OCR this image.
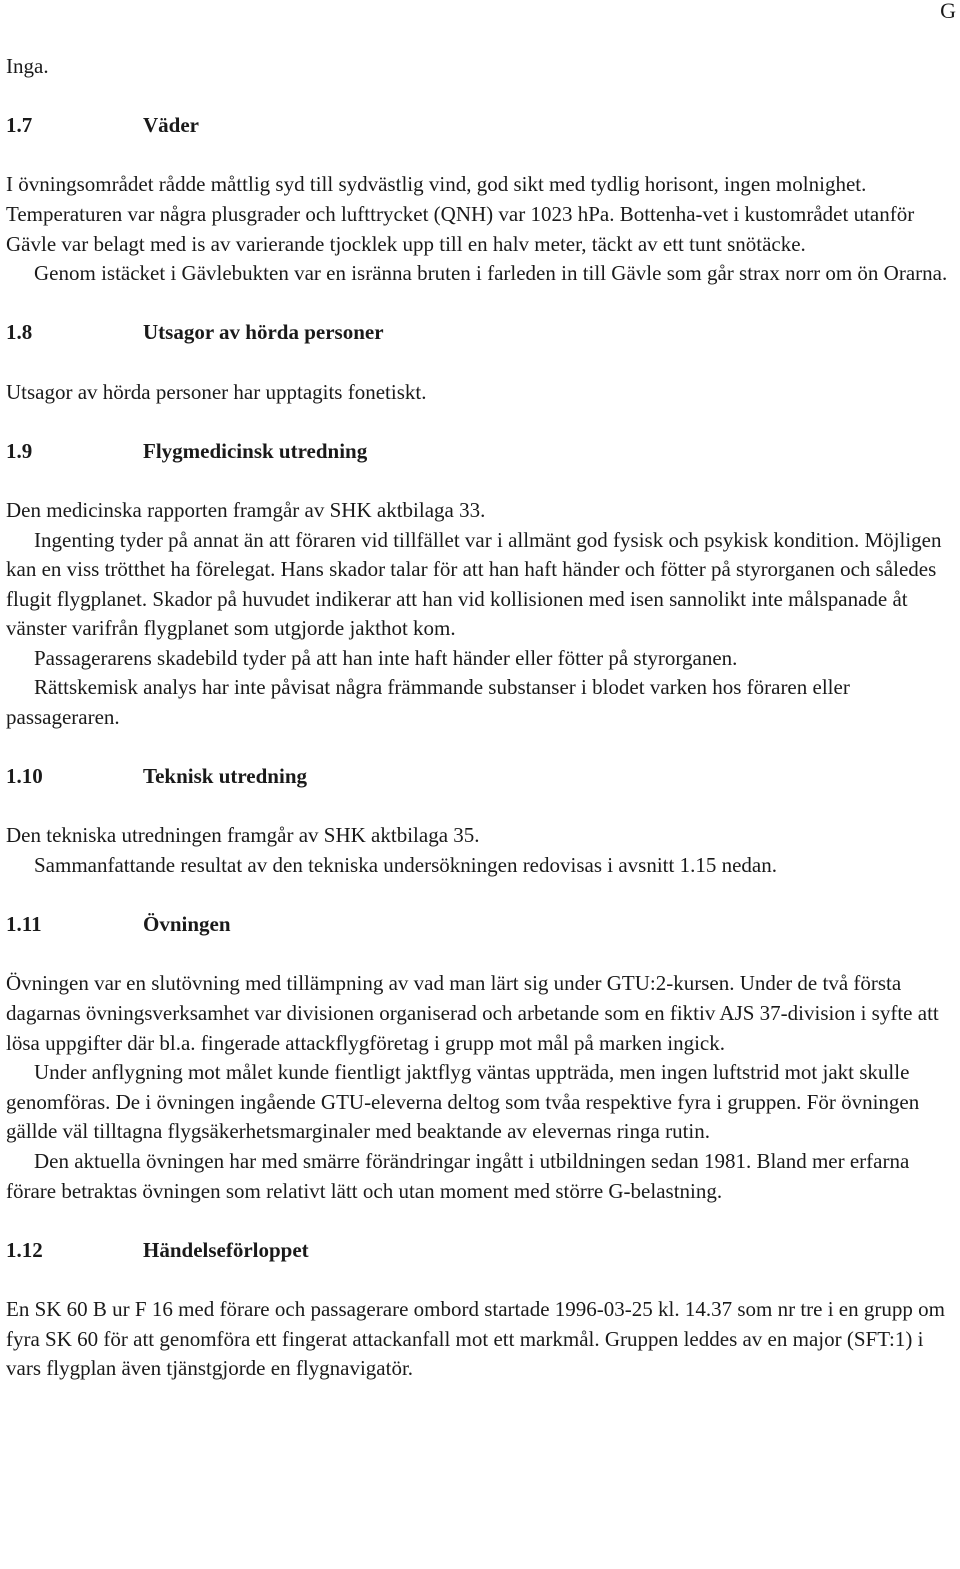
G

Inga.

1.7	Väder

I övningsområdet rådde måttlig syd till sydvästlig vind, god sikt med tydlig horisont, ingen molnighet. Temperaturen var några plusgrader och lufttrycket (QNH) var 1023 hPa. Bottenha-vet i kustområdet utanför Gävle var belagt med is av varierande tjocklek upp till en halv meter, täckt av ett tunt snötäcke.

Genom istäcket i Gävlebukten var en isränna bruten i farleden in till Gävle som går strax norr om ön Orarna.

1.8	Utsagor av hörda personer

Utsagor av hörda personer har upptagits fonetiskt.

1.9	Flygmedicinsk utredning

Den medicinska rapporten framgår av SHK aktbilaga 33.

Ingenting tyder på annat än att föraren vid tillfället var i allmänt god fysisk och psykisk kondition. Möjligen kan en viss trötthet ha förelegat. Hans skador talar för att han haft händer och fötter på styrorganen och således flugit flygplanet. Skador på huvudet indikerar att han vid kollisionen med isen sannolikt inte målspanade åt vänster varifrån flygplanet som utgjorde jakthot kom.

Passagerarens skadebild tyder på att han inte haft händer eller fötter på styrorganen.

Rättskemisk analys har inte påvisat några främmande substanser i blodet varken hos föraren eller passageraren.

1.10	Teknisk utredning

Den tekniska utredningen framgår av SHK aktbilaga 35.

Sammanfattande resultat av den tekniska undersökningen redovisas i avsnitt 1.15 nedan.

1.11	Övningen

Övningen var en slutövning med tillämpning av vad man lärt sig under GTU:2-kursen. Under de två första dagarnas övningsverksamhet var divisionen organiserad och arbetande som en fiktiv AJS 37-division i syfte att lösa uppgifter där bl.a. fingerade attackflygföretag i grupp mot mål på marken ingick.

Under anflygning mot målet kunde fientligt jaktflyg väntas uppträda, men ingen luftstrid mot jakt skulle genomföras. De i övningen ingående GTU-eleverna deltog som tvåa respektive fyra i gruppen. För övningen gällde väl tilltagna flygsäkerhetsmarginaler med beaktande av elevernas ringa rutin.

Den aktuella övningen har med smärre förändringar ingått i utbildningen sedan 1981. Bland mer erfarna förare betraktas övningen som relativt lätt och utan moment med större G-belastning.

1.12	Händelseförloppet

En SK 60 B ur F 16 med förare och passagerare ombord startade 1996-03-25 kl. 14.37 som nr tre i en grupp om fyra SK 60 för att genomföra ett fingerat attackanfall mot ett markmål. Gruppen leddes av en major (SFT:1) i vars flygplan även tjänstgjorde en flygnavigatör.
